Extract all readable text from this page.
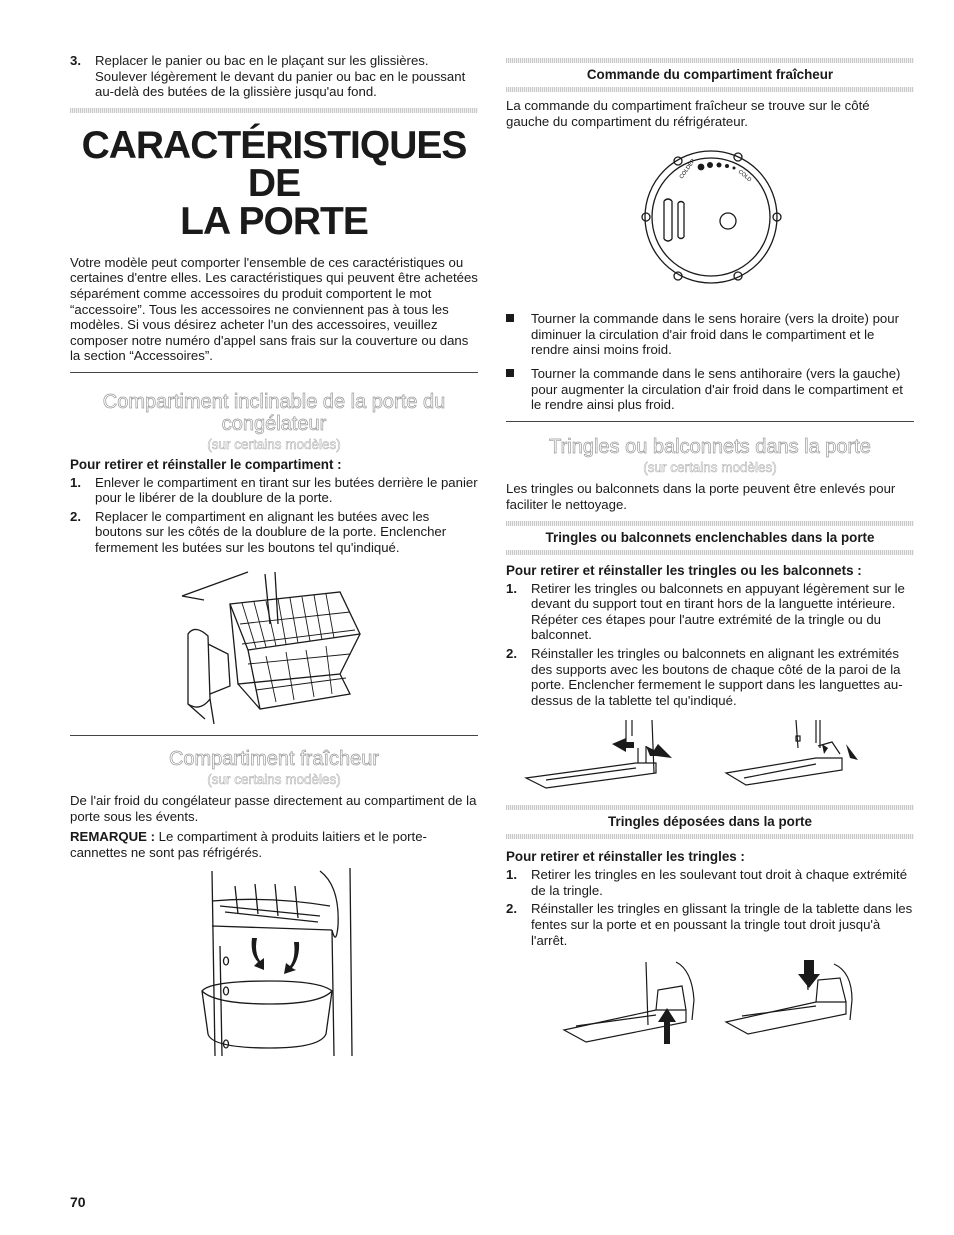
3. Replacer le panier ou bac en le plaçant sur les glissières. Soulever légèrement le devant du panier ou bac en le poussant au-delà des butées de la glissière jusqu'au fond.
CARACTÉRISTIQUES DE
LA PORTE

Votre modèle peut comporter l'ensemble de ces caractéristiques ou certaines d'entre elles. Les caractéristiques qui peuvent être achetées séparément comme accessoires du produit comportent le mot “accessoire”. Tous les accessoires ne conviennent pas à tous les modèles. Si vous désirez acheter l'un des accessoires, veuillez composer notre numéro d'appel sans frais sur la couverture ou dans la section “Accessoires”.

Compartiment inclinable de la porte du
congélateur

(sur certains modèles)

Pour retirer et réinstaller le compartiment :

1. Enlever le compartiment en tirant sur les butées derrière le panier pour le libérer de la doublure de la porte.
2. Replacer le compartiment en alignant les butées avec les boutons sur les côtés de la doublure de la porte. Enclencher fermement les butées sur les boutons tel qu'indiqué.
Compartiment fraîcheur

(sur certains modèles)

De l'air froid du congélateur passe directement au compartiment de la porte sous les évents.

REMARQUE : Le compartiment à produits laitiers et le porte-cannettes ne sont pas réfrigérés.

Commande du compartiment fraîcheur

La commande du compartiment fraîcheur se trouve sur le côté gauche du compartiment du réfrigérateur.

COLDER	COLD
Tourner la commande dans le sens horaire (vers la droite) pour diminuer la circulation d'air froid dans le compartiment et le rendre ainsi moins froid.
Tourner la commande dans le sens antihoraire (vers la gauche) pour augmenter la circulation d'air froid dans le compartiment et le rendre ainsi plus froid.
Tringles ou balconnets dans la porte

(sur certains modèles)

Les tringles ou balconnets dans la porte peuvent être enlevés pour faciliter le nettoyage.

Tringles ou balconnets enclenchables dans la porte

Pour retirer et réinstaller les tringles ou les balconnets :

1. Retirer les tringles ou balconnets en appuyant légèrement sur le devant du support tout en tirant hors de la languette intérieure. Répéter ces étapes pour l'autre extrémité de la tringle ou du balconnet.
2. Réinstaller les tringles ou balconnets en alignant les extrémités des supports avec les boutons de chaque côté de la paroi de la porte. Enclencher fermement le support dans les languettes au-dessus de la tablette tel qu'indiqué.

Tringles déposées dans la porte

Pour retirer et réinstaller les tringles :

1. Retirer les tringles en les soulevant tout droit à chaque extrémité de la tringle.
2. Réinstaller les tringles en glissant la tringle de la tablette dans les fentes sur la porte et en poussant la tringle tout droit jusqu'à l'arrêt.
70
